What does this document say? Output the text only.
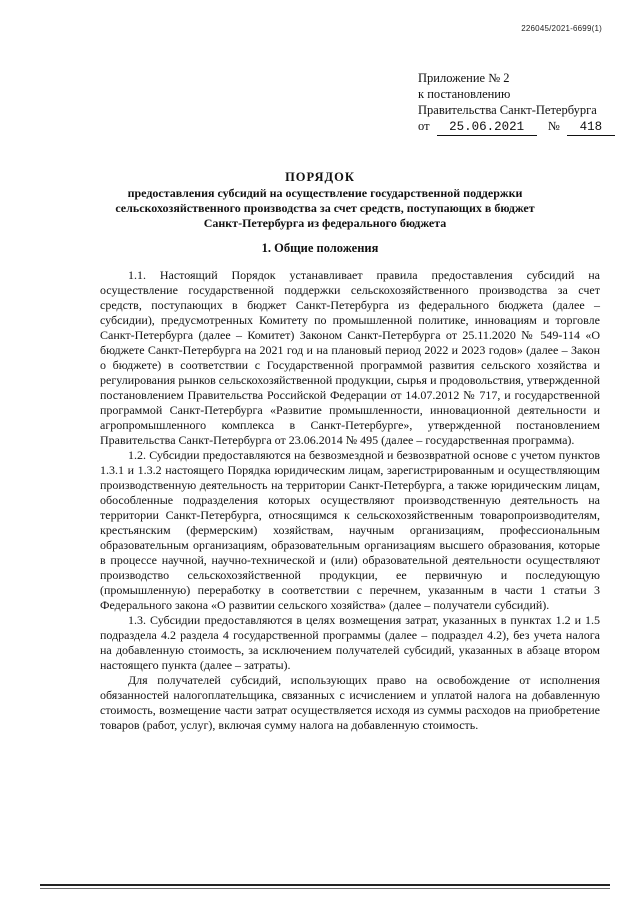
226045/2021-6699(1)
Приложение № 2
к постановлению
Правительства Санкт-Петербурга
от 25.06.2021 № 418
ПОРЯДОК
предоставления субсидий на осуществление государственной поддержки сельскохозяйственного производства за счет средств, поступающих в бюджет Санкт-Петербурга из федерального бюджета
1. Общие положения

1.1. Настоящий Порядок устанавливает правила предоставления субсидий на осуществление государственной поддержки сельскохозяйственного производства за счет средств, поступающих в бюджет Санкт-Петербурга из федерального бюджета (далее – субсидии), предусмотренных Комитету по промышленной политике, инновациям и торговле Санкт-Петербурга (далее – Комитет) Законом Санкт-Петербурга от 25.11.2020 № 549-114 «О бюджете Санкт-Петербурга на 2021 год и на плановый период 2022 и 2023 годов» (далее – Закон о бюджете) в соответствии с Государственной программой развития сельского хозяйства и регулирования рынков сельскохозяйственной продукции, сырья и продовольствия, утвержденной постановлением Правительства Российской Федерации от 14.07.2012 № 717, и государственной программой Санкт-Петербурга «Развитие промышленности, инновационной деятельности и агропромышленного комплекса в Санкт-Петербурге», утвержденной постановлением Правительства Санкт-Петербурга от 23.06.2014 № 495 (далее – государственная программа).

1.2. Субсидии предоставляются на безвозмездной и безвозвратной основе с учетом пунктов 1.3.1 и 1.3.2 настоящего Порядка юридическим лицам, зарегистрированным и осуществляющим производственную деятельность на территории Санкт-Петербурга, а также юридическим лицам, обособленные подразделения которых осуществляют производственную деятельность на территории Санкт-Петербурга, относящимся к сельскохозяйственным товаропроизводителям, крестьянским (фермерским) хозяйствам, научным организациям, профессиональным образовательным организациям, образовательным организациям высшего образования, которые в процессе научной, научно-технической и (или) образовательной деятельности осуществляют производство сельскохозяйственной продукции, ее первичную и последующую (промышленную) переработку в соответствии с перечнем, указанным в части 1 статьи 3 Федерального закона «О развитии сельского хозяйства» (далее – получатели субсидий).

1.3. Субсидии предоставляются в целях возмещения затрат, указанных в пунктах 1.2 и 1.5 подраздела 4.2 раздела 4 государственной программы (далее – подраздел 4.2), без учета налога на добавленную стоимость, за исключением получателей субсидий, указанных в абзаце втором настоящего пункта (далее – затраты).

Для получателей субсидий, использующих право на освобождение от исполнения обязанностей налогоплательщика, связанных с исчислением и уплатой налога на добавленную стоимость, возмещение части затрат осуществляется исходя из суммы расходов на приобретение товаров (работ, услуг), включая сумму налога на добавленную стоимость.
